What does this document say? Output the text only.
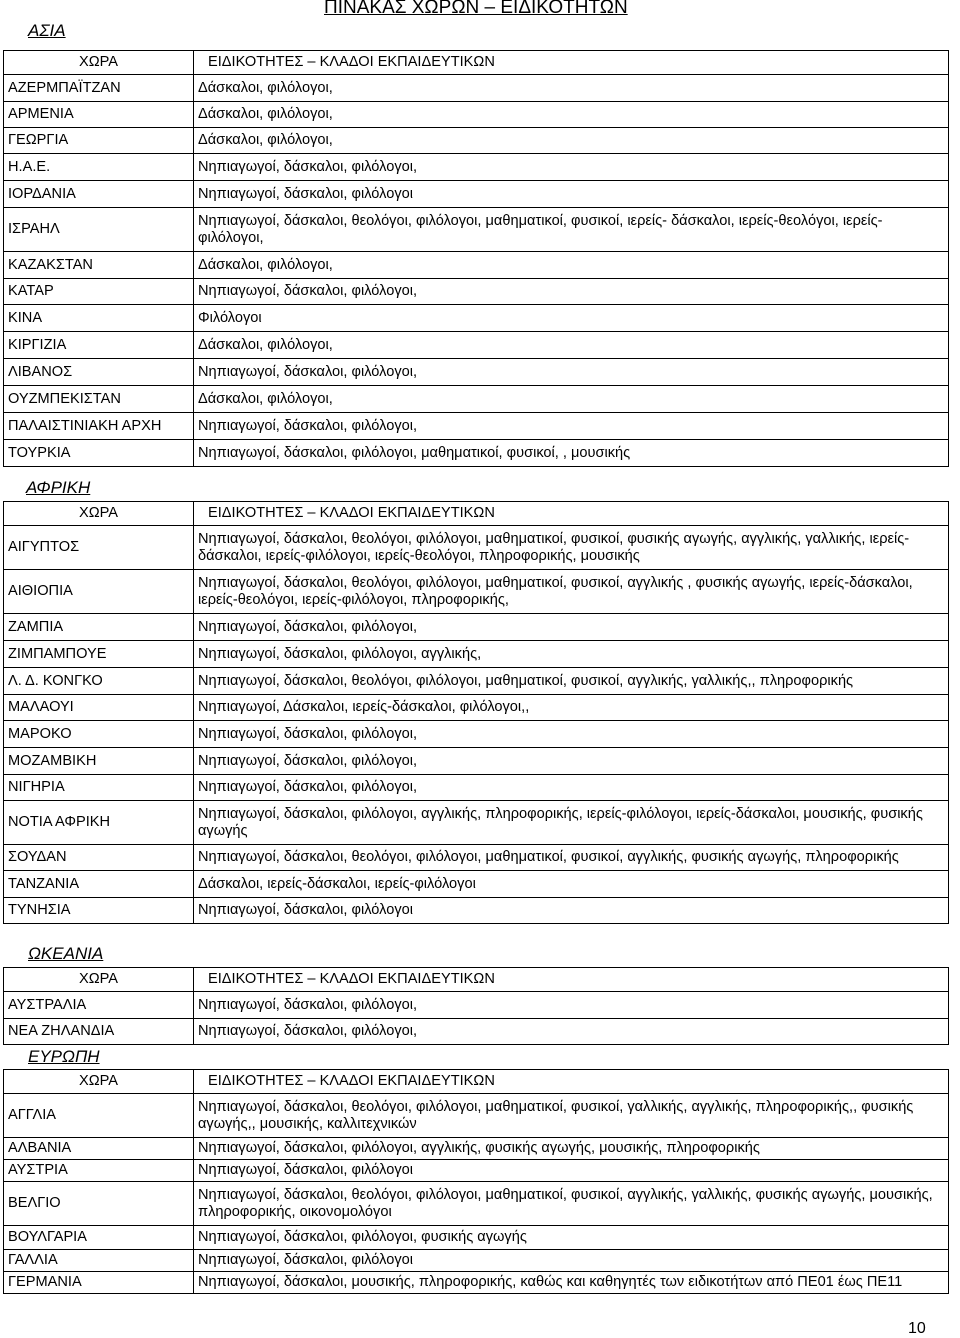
ΠΙΝΑΚΑΣ ΧΩΡΩΝ – ΕΙΔΙΚΟΤΗΤΩΝ
ΑΣΙΑ
ΧΩΡΑ	ΕΙΔΙΚΟΤΗΤΕΣ – ΚΛΑΔΟΙ ΕΚΠΑΙΔΕΥΤΙΚΩΝ
ΑΖΕΡΜΠΑΪΤΖΑΝ	Δάσκαλοι, φιλόλογοι,
ΑΡΜΕΝΙΑ	Δάσκαλοι, φιλόλογοι,
ΓΕΩΡΓΙΑ	Δάσκαλοι, φιλόλογοι,
Η.Α.Ε.	Νηπιαγωγοί, δάσκαλοι, φιλόλογοι,
ΙΟΡΔΑΝΙΑ	Νηπιαγωγοί, δάσκαλοι, φιλόλογοι
ΙΣΡΑΗΛ	Νηπιαγωγοί, δάσκαλοι, θεολόγοι, φιλόλογοι, μαθηματικοί, φυσικοί, ιερείς- δάσκαλοι, ιερείς-θεολόγοι, ιερείς-φιλόλογοι,
ΚΑΖΑΚΣΤΑΝ	Δάσκαλοι, φιλόλογοι,
ΚΑΤΑΡ	Νηπιαγωγοί, δάσκαλοι, φιλόλογοι,
ΚΙΝΑ	Φιλόλογοι
ΚΙΡΓΙΖΙΑ	Δάσκαλοι, φιλόλογοι,
ΛΙΒΑΝΟΣ	Νηπιαγωγοί, δάσκαλοι, φιλόλογοι,
ΟΥΖΜΠΕΚΙΣΤΑΝ	Δάσκαλοι, φιλόλογοι,
ΠΑΛΑΙΣΤΙΝΙΑΚΗ ΑΡΧΗ	Νηπιαγωγοί, δάσκαλοι, φιλόλογοι,
ΤΟΥΡΚΙΑ	Νηπιαγωγοί, δάσκαλοι, φιλόλογοι, μαθηματικοί, φυσικοί, , μουσικής
ΑΦΡΙΚΗ
ΧΩΡΑ	ΕΙΔΙΚΟΤΗΤΕΣ – ΚΛΑΔΟΙ ΕΚΠΑΙΔΕΥΤΙΚΩΝ
ΑΙΓΥΠΤΟΣ	Νηπιαγωγοί, δάσκαλοι, θεολόγοι, φιλόλογοι, μαθηματικοί, φυσικοί, φυσικής αγωγής, αγγλικής, γαλλικής, ιερείς-δάσκαλοι, ιερείς-φιλόλογοι, ιερείς-θεολόγοι, πληροφορικής, μουσικής
ΑΙΘΙΟΠΙΑ	Νηπιαγωγοί, δάσκαλοι, θεολόγοι, φιλόλογοι, μαθηματικοί, φυσικοί, αγγλικής , φυσικής αγωγής, ιερείς-δάσκαλοι, ιερείς-θεολόγοι, ιερείς-φιλόλογοι, πληροφορικής,
ΖΑΜΠΙΑ	Νηπιαγωγοί, δάσκαλοι, φιλόλογοι,
ΖΙΜΠΑΜΠΟΥΕ	Νηπιαγωγοί, δάσκαλοι, φιλόλογοι, αγγλικής,
Λ. Δ. ΚΟΝΓΚΟ	Νηπιαγωγοί, δάσκαλοι, θεολόγοι, φιλόλογοι, μαθηματικοί, φυσικοί, αγγλικής, γαλλικής,, πληροφορικής
ΜΑΛΑΟΥΙ	Νηπιαγωγοί, Δάσκαλοι, ιερείς-δάσκαλοι, φιλόλογοι,,
ΜΑΡΟΚΟ	Νηπιαγωγοί, δάσκαλοι, φιλόλογοι,
ΜΟΖΑΜΒΙΚΗ	Νηπιαγωγοί, δάσκαλοι, φιλόλογοι,
ΝΙΓΗΡΙΑ	Νηπιαγωγοί, δάσκαλοι, φιλόλογοι,
ΝΟΤΙΑ ΑΦΡΙΚΗ	Νηπιαγωγοί, δάσκαλοι, φιλόλογοι, αγγλικής, πληροφορικής, ιερείς-φιλόλογοι, ιερείς-δάσκαλοι, μουσικής, φυσικής αγωγής
ΣΟΥΔΑΝ	Νηπιαγωγοί, δάσκαλοι, θεολόγοι, φιλόλογοι, μαθηματικοί, φυσικοί, αγγλικής, φυσικής αγωγής, πληροφορικής
ΤΑΝΖΑΝΙΑ	Δάσκαλοι, ιερείς-δάσκαλοι, ιερείς-φιλόλογοι
ΤΥΝΗΣΙΑ	Νηπιαγωγοί, δάσκαλοι, φιλόλογοι
ΩΚΕΑΝΙΑ
ΧΩΡΑ	ΕΙΔΙΚΟΤΗΤΕΣ – ΚΛΑΔΟΙ ΕΚΠΑΙΔΕΥΤΙΚΩΝ
ΑΥΣΤΡΑΛΙΑ	Νηπιαγωγοί, δάσκαλοι, φιλόλογοι,
ΝΕΑ ΖΗΛΑΝΔΙΑ	Νηπιαγωγοί, δάσκαλοι, φιλόλογοι,
ΕΥΡΩΠΗ
ΧΩΡΑ	ΕΙΔΙΚΟΤΗΤΕΣ – ΚΛΑΔΟΙ ΕΚΠΑΙΔΕΥΤΙΚΩΝ
ΑΓΓΛΙΑ	Νηπιαγωγοί, δάσκαλοι, θεολόγοι, φιλόλογοι, μαθηματικοί, φυσικοί, γαλλικής, αγγλικής, πληροφορικής,, φυσικής αγωγής,, μουσικής, καλλιτεχνικών
ΑΛΒΑΝΙΑ	Νηπιαγωγοί, δάσκαλοι, φιλόλογοι, αγγλικής, φυσικής αγωγής, μουσικής, πληροφορικής
ΑΥΣΤΡΙΑ	Νηπιαγωγοί, δάσκαλοι, φιλόλογοι
ΒΕΛΓΙΟ	Νηπιαγωγοί, δάσκαλοι, θεολόγοι, φιλόλογοι, μαθηματικοί, φυσικοί, αγγλικής, γαλλικής, φυσικής αγωγής, μουσικής, πληροφορικής, οικονομολόγοι
ΒΟΥΛΓΑΡΙΑ	Νηπιαγωγοί, δάσκαλοι, φιλόλογοι, φυσικής αγωγής
ΓΑΛΛΙΑ	Νηπιαγωγοί, δάσκαλοι, φιλόλογοι
ΓΕΡΜΑΝΙΑ	Νηπιαγωγοί, δάσκαλοι, μουσικής, πληροφορικής, καθώς και καθηγητές των ειδικοτήτων από ΠΕ01 έως ΠΕ11
10
